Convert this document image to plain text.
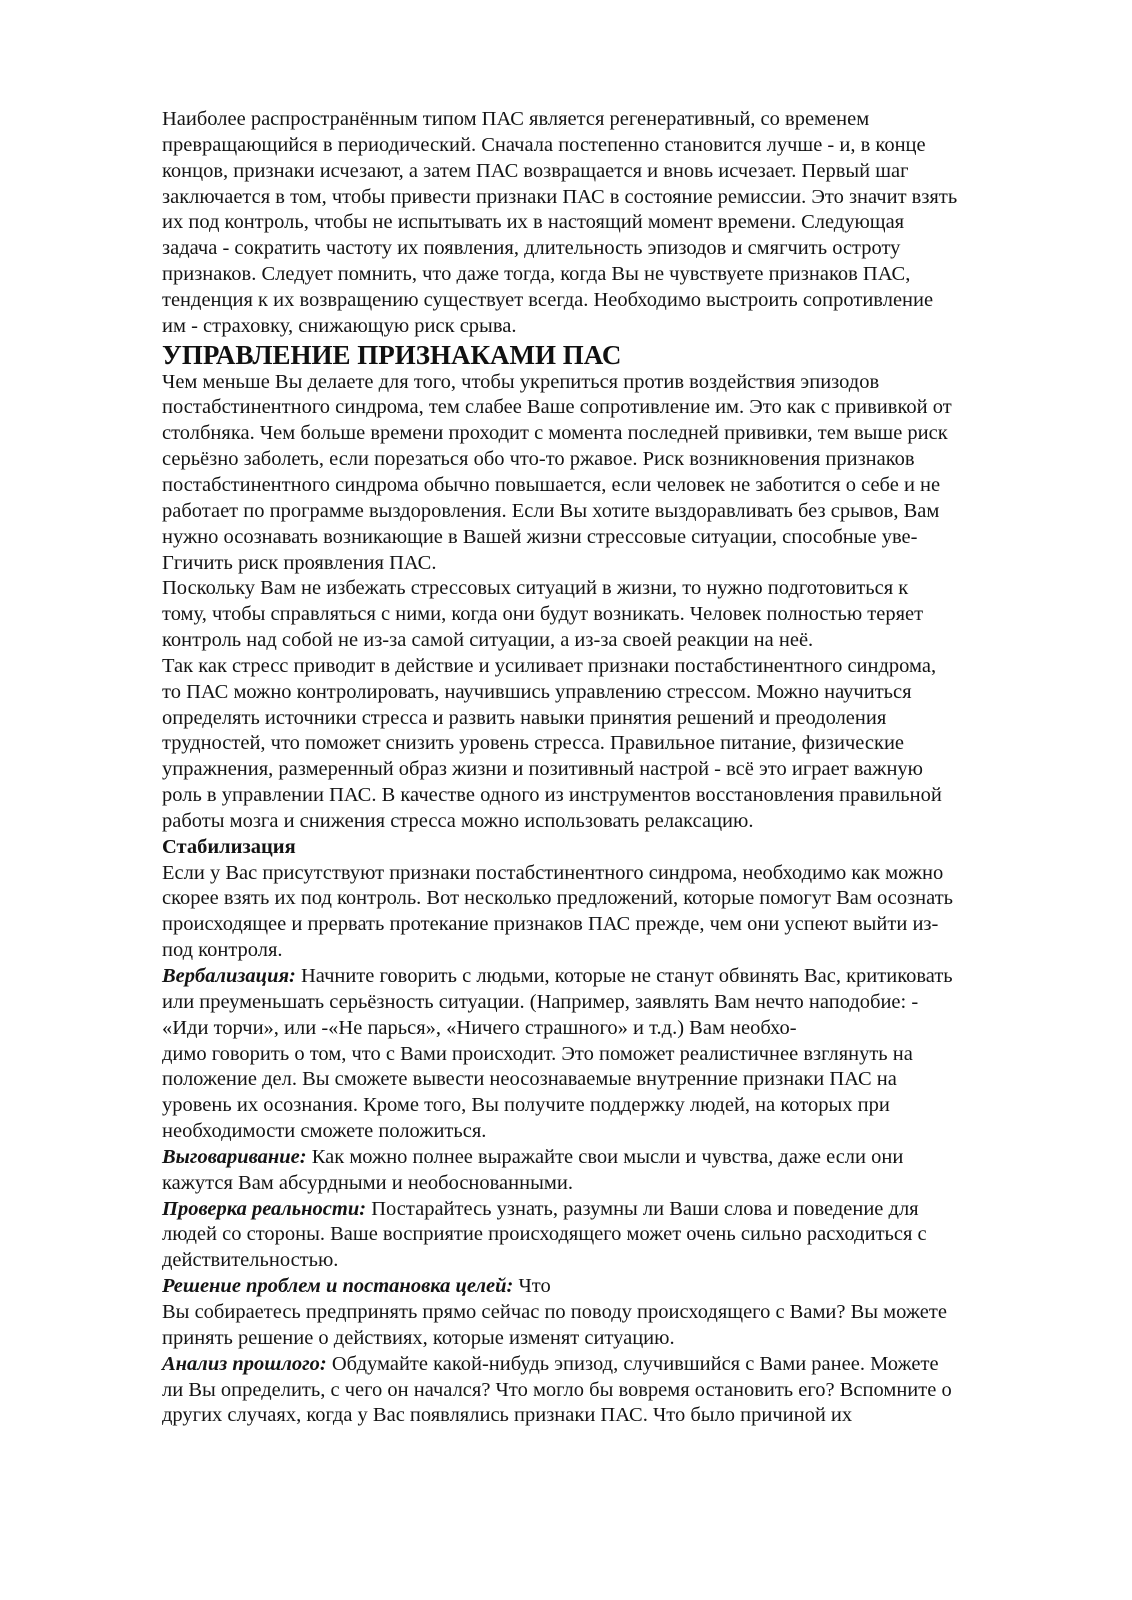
Наиболее распространённым типом ПАС является регенеративный, со временем
превращающийся в периодический. Сначала постепенно становится лучше - и, в конце
концов, признаки исчезают, а затем ПАС возвращается и вновь исчезает. Первый шаг
заключается в том, чтобы привести признаки ПАС в состояние ремиссии. Это значит взять
их под контроль, чтобы не испытывать их в настоящий момент времени. Следующая
задача - сократить частоту их появления, длительность эпизодов и смягчить остроту
признаков. Следует помнить, что даже тогда, когда Вы не чувствуете признаков ПАС,
тенденция к их возвращению существует всегда. Необходимо выстроить сопротивление
им - страховку, снижающую риск срыва.
УПРАВЛЕНИЕ ПРИЗНАКАМИ ПАС
Чем меньше Вы делаете для того, чтобы укрепиться против воздействия эпизодов
постабстинентного синдрома, тем слабее Ваше сопротивление им. Это как с прививкой от
столбняка. Чем больше времени проходит с момента последней прививки, тем выше риск
серьёзно заболеть, если порезаться обо что-то ржавое. Риск возникновения признаков
постабстинентного синдрома обычно повышается, если человек не заботится о себе и не
работает по программе выздоровления. Если Вы хотите выздоравливать без срывов, Вам
нужно осознавать возникающие в Вашей жизни стрессовые ситуации, способные уве-
Ггичить риск проявления ПАС.
Поскольку Вам не избежать стрессовых ситуаций в жизни, то нужно подготовиться к
тому, чтобы справляться с ними, когда они будут возникать. Человек полностью теряет
контроль над собой не из-за самой ситуации, а из-за своей реакции на неё.
Так как стресс приводит в действие и усиливает признаки постабстинентного синдрома,
то ПАС можно контролировать, научившись управлению стрессом. Можно научиться
определять источники стресса и развить навыки принятия решений и преодоления
трудностей, что поможет снизить уровень стресса. Правильное питание, физические
упражнения, размеренный образ жизни и позитивный настрой - всё это играет важную
роль в управлении ПАС. В качестве одного из инструментов восстановления правильной
работы мозга и снижения стресса можно использовать релаксацию.
Стабилизация
Если у Вас присутствуют признаки постабстинентного синдрома, необходимо как можно
скорее взять их под контроль. Вот несколько предложений, которые помогут Вам осознать
происходящее и прервать протекание признаков ПАС прежде, чем они успеют выйти из-
под контроля.
Вербализация: Начните говорить с людьми, которые не станут обвинять Вас, критиковать
или преуменьшать серьёзность ситуации. (Например, заявлять Вам нечто наподобие: -
«Иди торчи», или -«Не парься», «Ничего страшного» и т.д.) Вам необхо-
димо говорить о том, что с Вами происходит. Это поможет реалистичнее взглянуть на
положение дел. Вы сможете вывести неосознаваемые внутренние признаки ПАС на
уровень их осознания. Кроме того, Вы получите поддержку людей, на которых при
необходимости сможете положиться.
Выговаривание: Как можно полнее выражайте свои мысли и чувства, даже если они
кажутся Вам абсурдными и необоснованными.
Проверка реальности: Постарайтесь узнать, разумны ли Ваши слова и поведение для
людей со стороны. Ваше восприятие происходящего может очень сильно расходиться с
действительностью.
Решение проблем и постановка целей: Что
Вы собираетесь предпринять прямо сейчас по поводу происходящего с Вами? Вы можете
принять решение о действиях, которые изменят ситуацию.
Анализ прошлого: Обдумайте какой-нибудь эпизод, случившийся с Вами ранее. Можете
ли Вы определить, с чего он начался? Что могло бы вовремя остановить его? Вспомните о
других случаях, когда у Вас появлялись признаки ПАС. Что было причиной их
